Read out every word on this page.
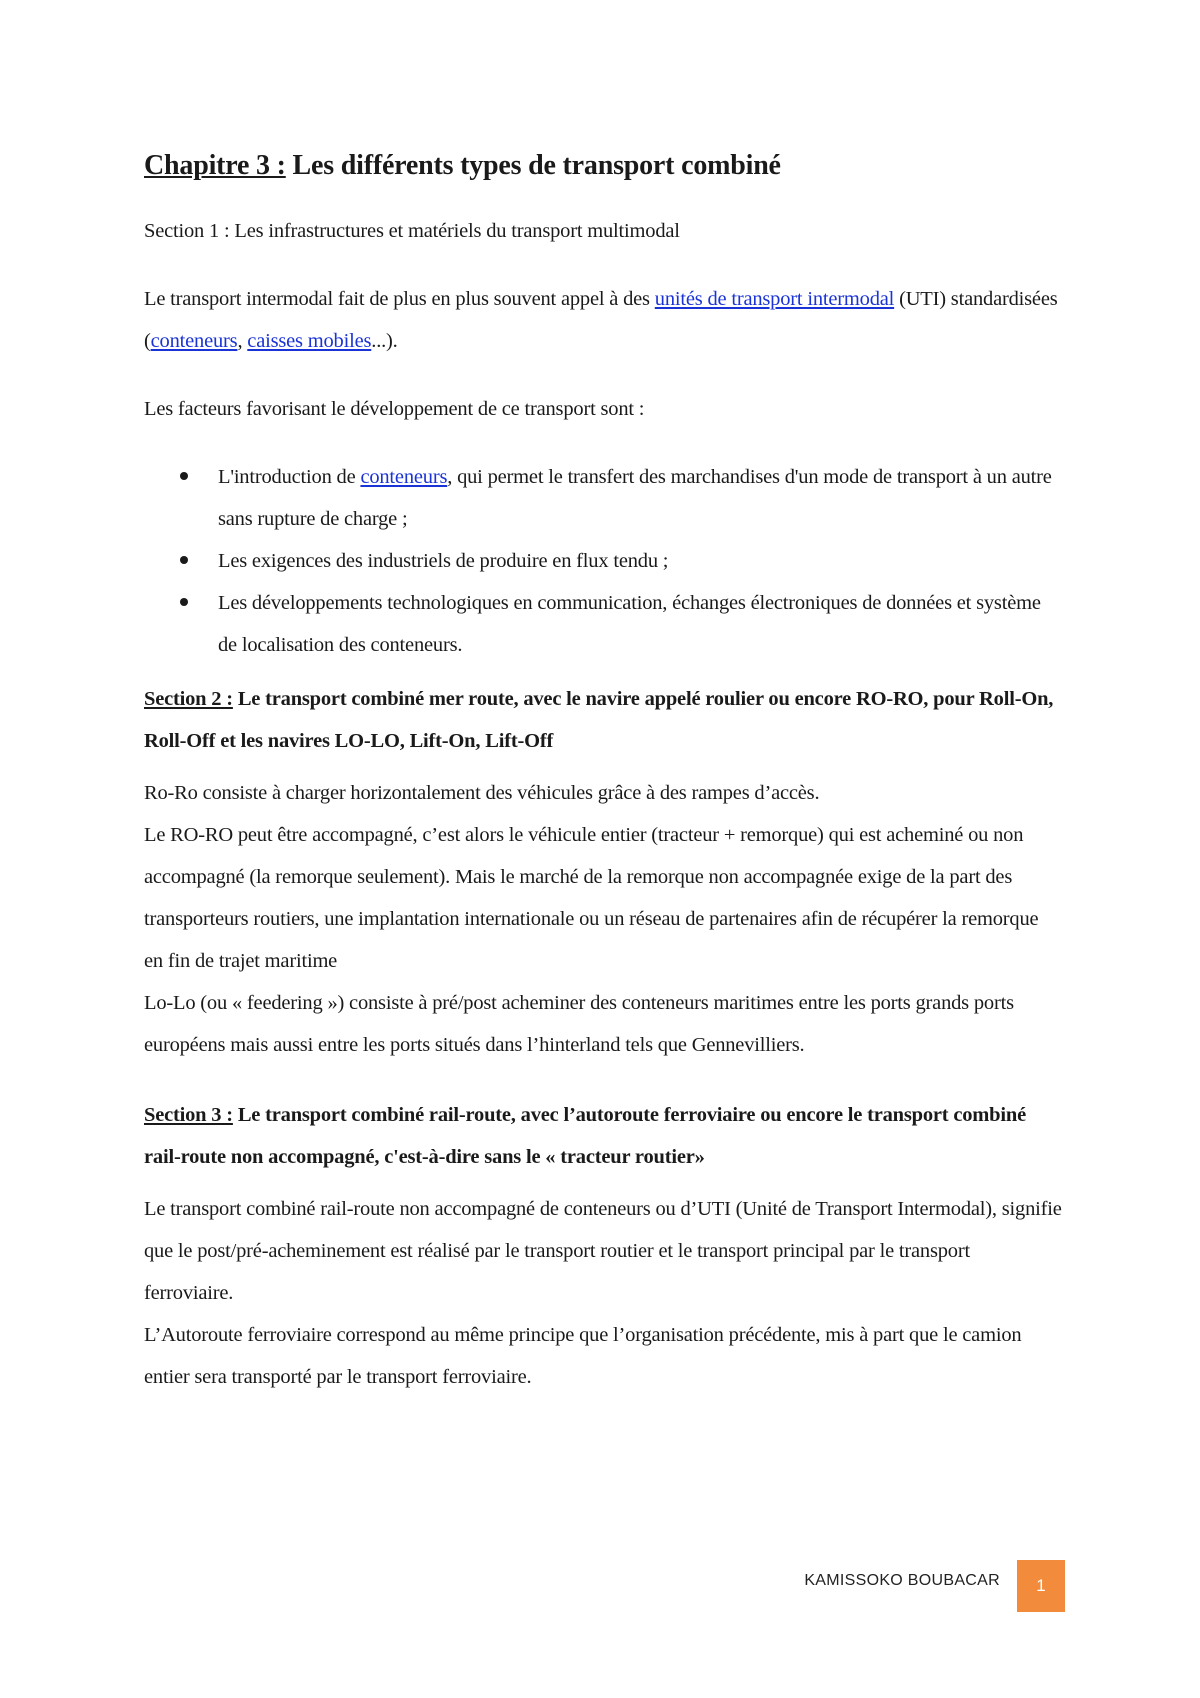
Chapitre 3 : Les différents types de transport combiné

Section 1 : Les infrastructures et matériels du transport multimodal

Le transport intermodal fait de plus en plus souvent appel à des unités de transport intermodal (UTI) standardisées (conteneurs, caisses mobiles...).

Les facteurs favorisant le développement de ce transport sont :

L'introduction de conteneurs, qui permet le transfert des marchandises d'un mode de transport à un autre sans rupture de charge ;
Les exigences des industriels de produire en flux tendu ;
Les développements technologiques en communication, échanges électroniques de données et système de localisation des conteneurs.

Section 2 : Le transport combiné mer route, avec le navire appelé roulier ou encore RO-RO, pour Roll-On, Roll-Off et les navires LO-LO, Lift-On, Lift-Off

Ro-Ro consiste à charger horizontalement des véhicules grâce à des rampes d’accès.
Le RO-RO peut être accompagné, c’est alors le véhicule entier (tracteur + remorque) qui est acheminé ou non accompagné (la remorque seulement). Mais le marché de la remorque non accompagnée exige de la part des transporteurs routiers, une implantation internationale ou un réseau de partenaires afin de récupérer la remorque en fin de trajet maritime
Lo-Lo (ou « feedering ») consiste à pré/post acheminer des conteneurs maritimes entre les ports grands ports européens mais aussi entre les ports situés dans l’hinterland tels que Gennevilliers.

Section 3 : Le transport combiné rail-route, avec l’autoroute ferroviaire ou encore le transport combiné rail-route non accompagné, c'est-à-dire sans le « tracteur routier»

Le transport combiné rail-route non accompagné de conteneurs ou d’UTI (Unité de Transport Intermodal), signifie que le post/pré-acheminement est réalisé par le transport routier et le transport principal par le transport ferroviaire.
L’Autoroute ferroviaire correspond au même principe que l’organisation précédente, mis à part que le camion entier sera transporté par le transport ferroviaire.
KAMISSOKO BOUBACAR	1
